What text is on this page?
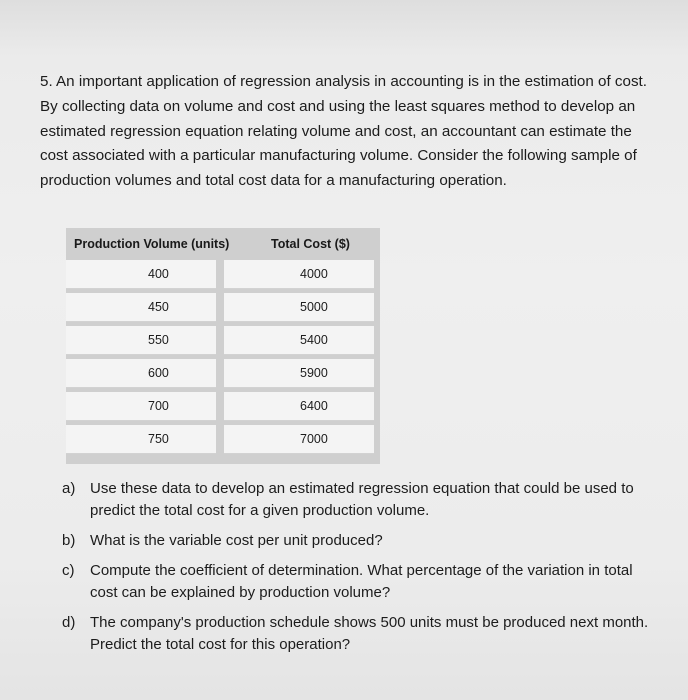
5. An important application of regression analysis in accounting is in the estimation of cost. By collecting data on volume and cost and using the least squares method to develop an estimated regression equation relating volume and cost, an accountant can estimate the cost associated with a particular manufacturing volume. Consider the following sample of production volumes and total cost data for a manufacturing operation.
Production Volume (units)	Total Cost ($)
400	4000
450	5000
550	5400
600	5900
700	6400
750	7000
a) Use these data to develop an estimated regression equation that could be used to predict the total cost for a given production volume.
b) What is the variable cost per unit produced?
c) Compute the coefficient of determination. What percentage of the variation in total cost can be explained by production volume?
d) The company's production schedule shows 500 units must be produced next month. Predict the total cost for this operation?
